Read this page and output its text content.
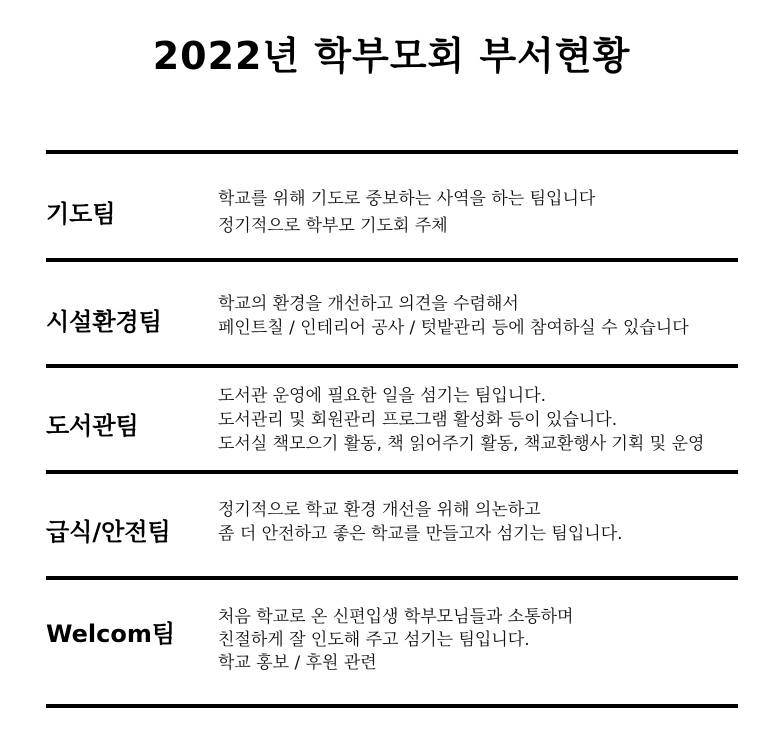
2022년 학부모회 부서현황
기도팀
학교를 위해 기도로 중보하는 사역을 하는 팀입니다
정기적으로 학부모 기도회 주체
시설환경팀
학교의 환경을 개선하고 의견을 수렴해서
페인트칠 / 인테리어 공사 / 텃밭관리 등에 참여하실 수 있습니다
도서관팀
도서관 운영에 필요한 일을 섬기는 팀입니다.
도서관리 및 회원관리 프로그램 활성화 등이 있습니다.
도서실 책모으기 활동, 책 읽어주기 활동, 책교환행사 기획 및 운영
급식/안전팀
정기적으로 학교 환경 개선을 위해 의논하고
좀 더 안전하고 좋은 학교를 만들고자 섬기는 팀입니다.
Welcom팀
처음 학교로 온 신편입생 학부모님들과 소통하며
친절하게 잘 인도해 주고 섬기는 팀입니다.
학교 홍보 / 후원 관련
